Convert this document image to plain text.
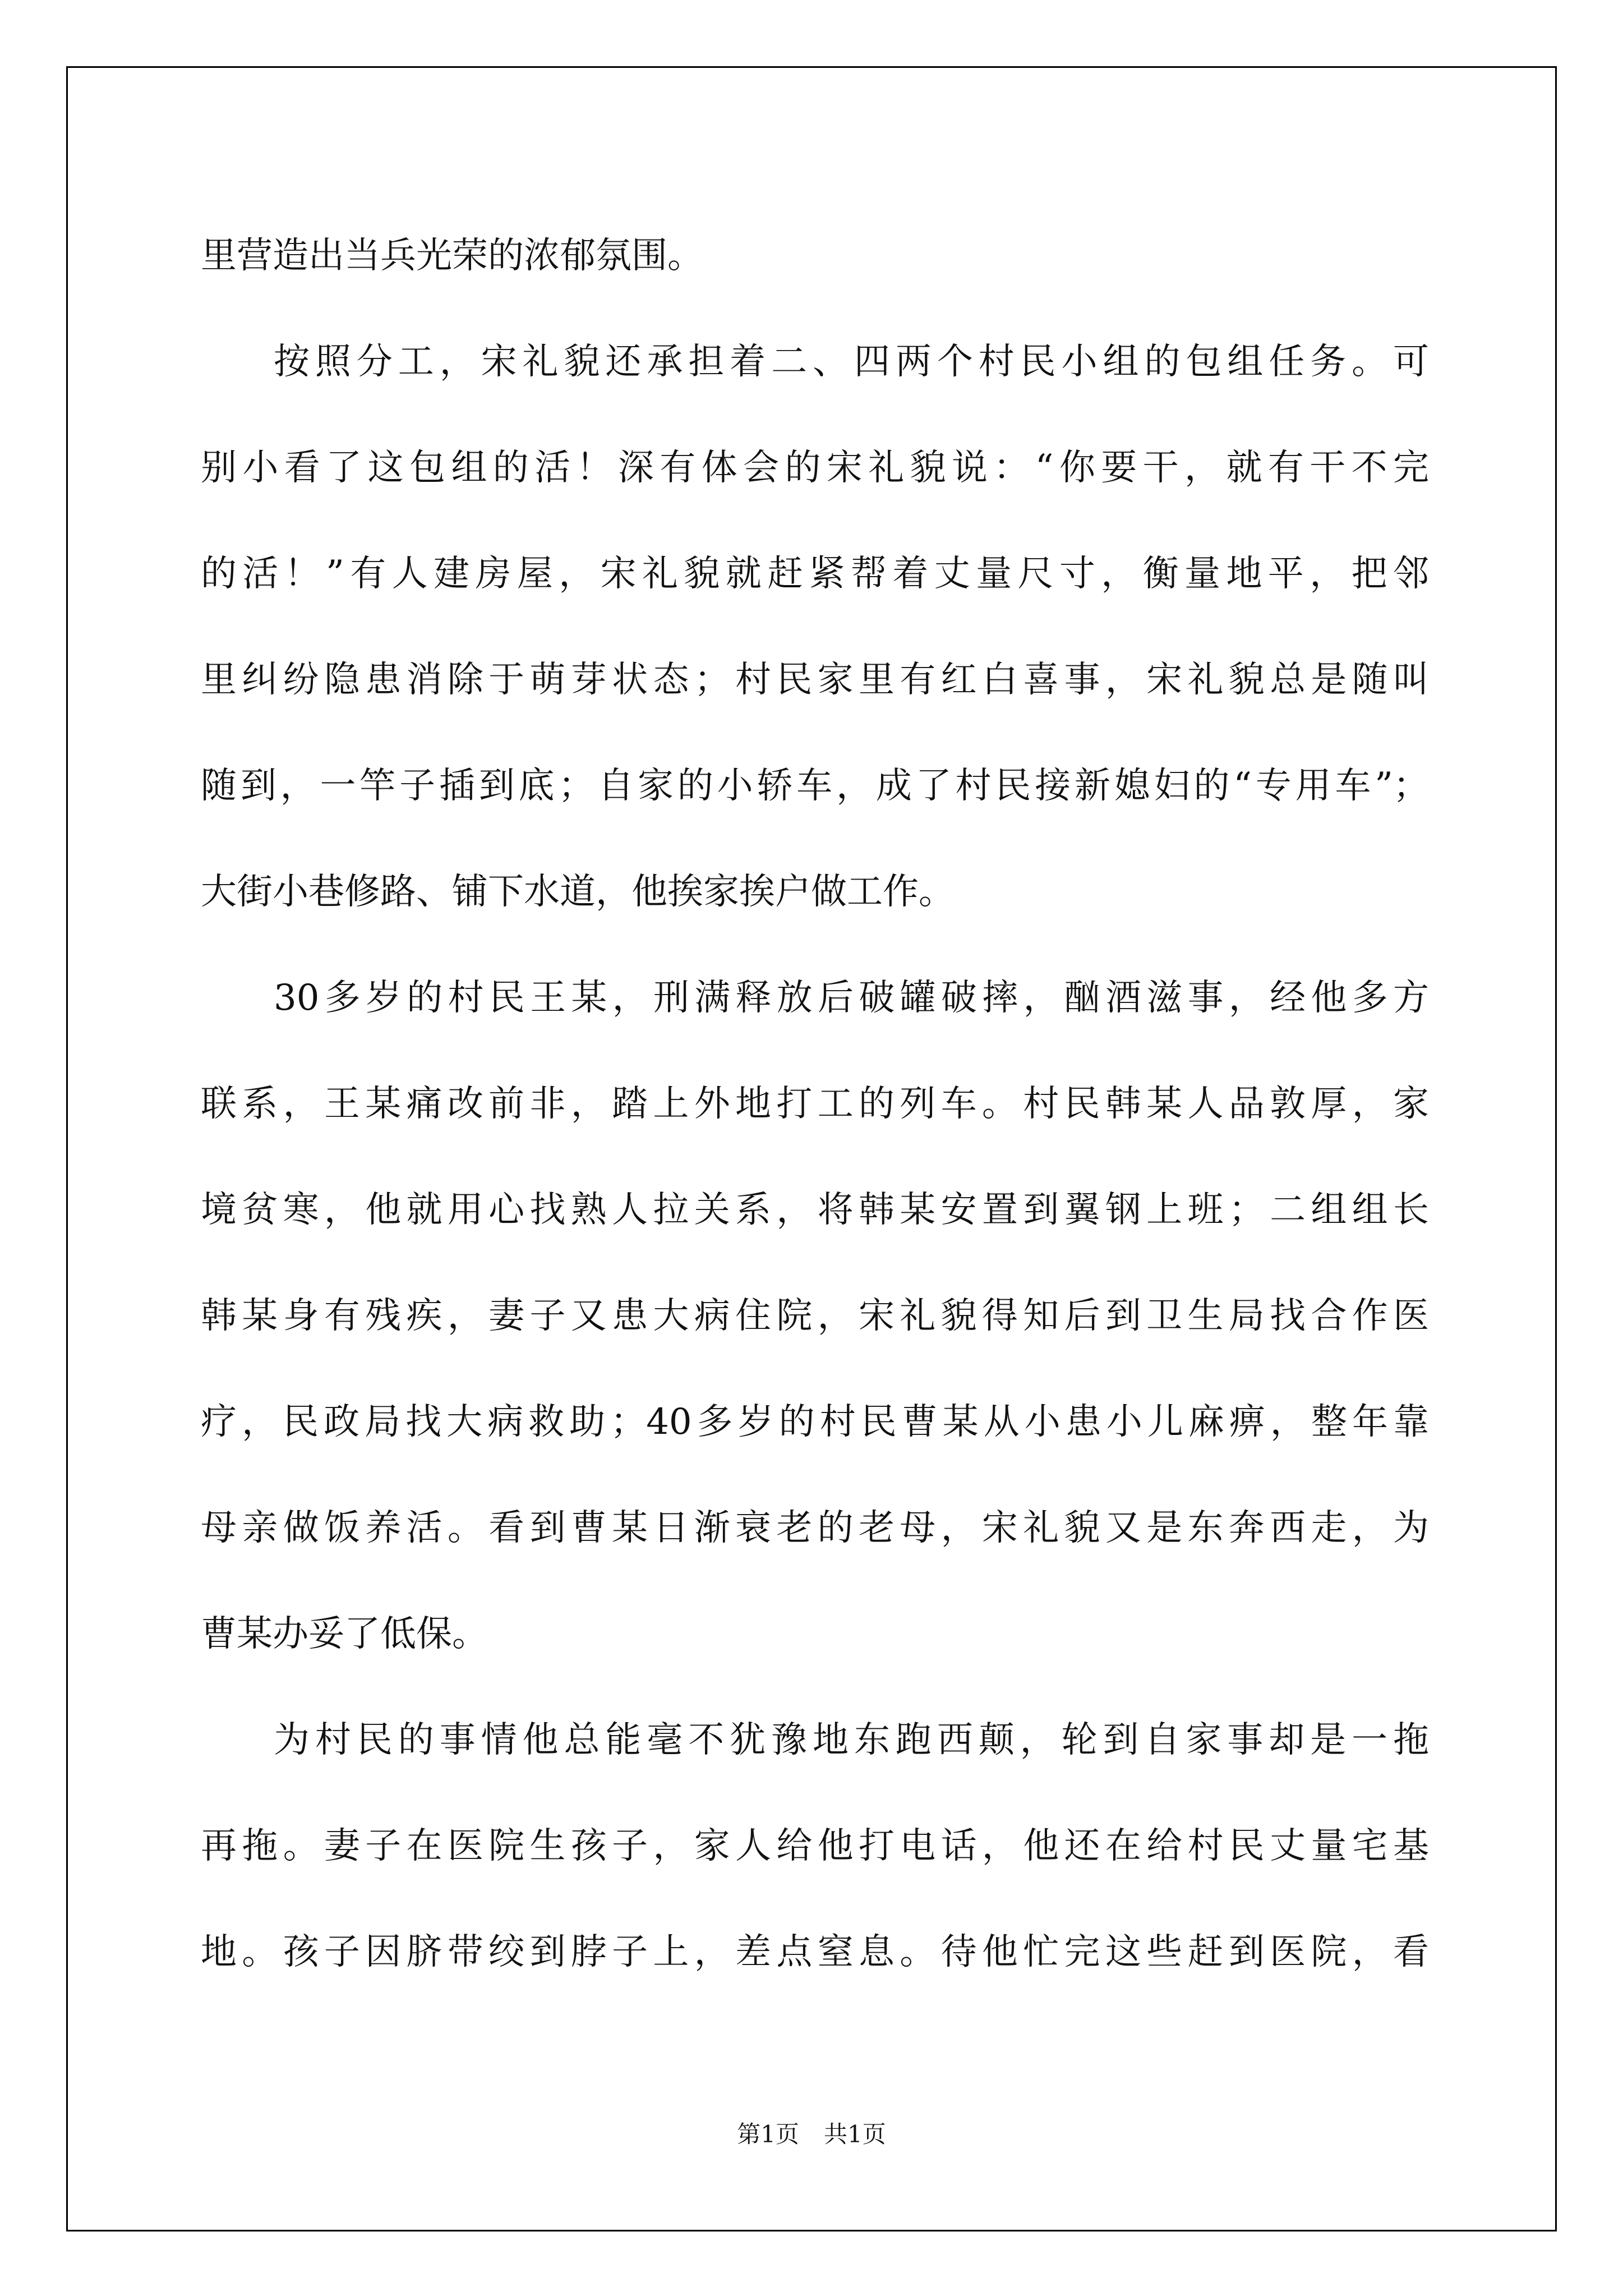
里营造出当兵光荣的浓郁氛围。
按照分工，宋礼貌还承担着二、四两个村民小组的包组任务。可
别小看了这包组的活！深有体会的宋礼貌说：“你要干，就有干不完
的活！”有人建房屋，宋礼貌就赶紧帮着丈量尺寸，衡量地平，把邻
里纠纷隐患消除于萌芽状态；村民家里有红白喜事，宋礼貌总是随叫
随到，一竿子插到底；自家的小轿车，成了村民接新媳妇的“专用车”；
大街小巷修路、铺下水道，他挨家挨户做工作。
30多岁的村民王某，刑满释放后破罐破摔，酗酒滋事，经他多方
联系，王某痛改前非，踏上外地打工的列车。村民韩某人品敦厚，家
境贫寒，他就用心找熟人拉关系，将韩某安置到翼钢上班；二组组长
韩某身有残疾，妻子又患大病住院，宋礼貌得知后到卫生局找合作医
疗，民政局找大病救助；40多岁的村民曹某从小患小儿麻痹，整年靠
母亲做饭养活。看到曹某日渐衰老的老母，宋礼貌又是东奔西走，为
曹某办妥了低保。
为村民的事情他总能毫不犹豫地东跑西颠，轮到自家事却是一拖
再拖。妻子在医院生孩子，家人给他打电话，他还在给村民丈量宅基
地。孩子因脐带绞到脖子上，差点窒息。待他忙完这些赶到医院，看
第1页 共1页
